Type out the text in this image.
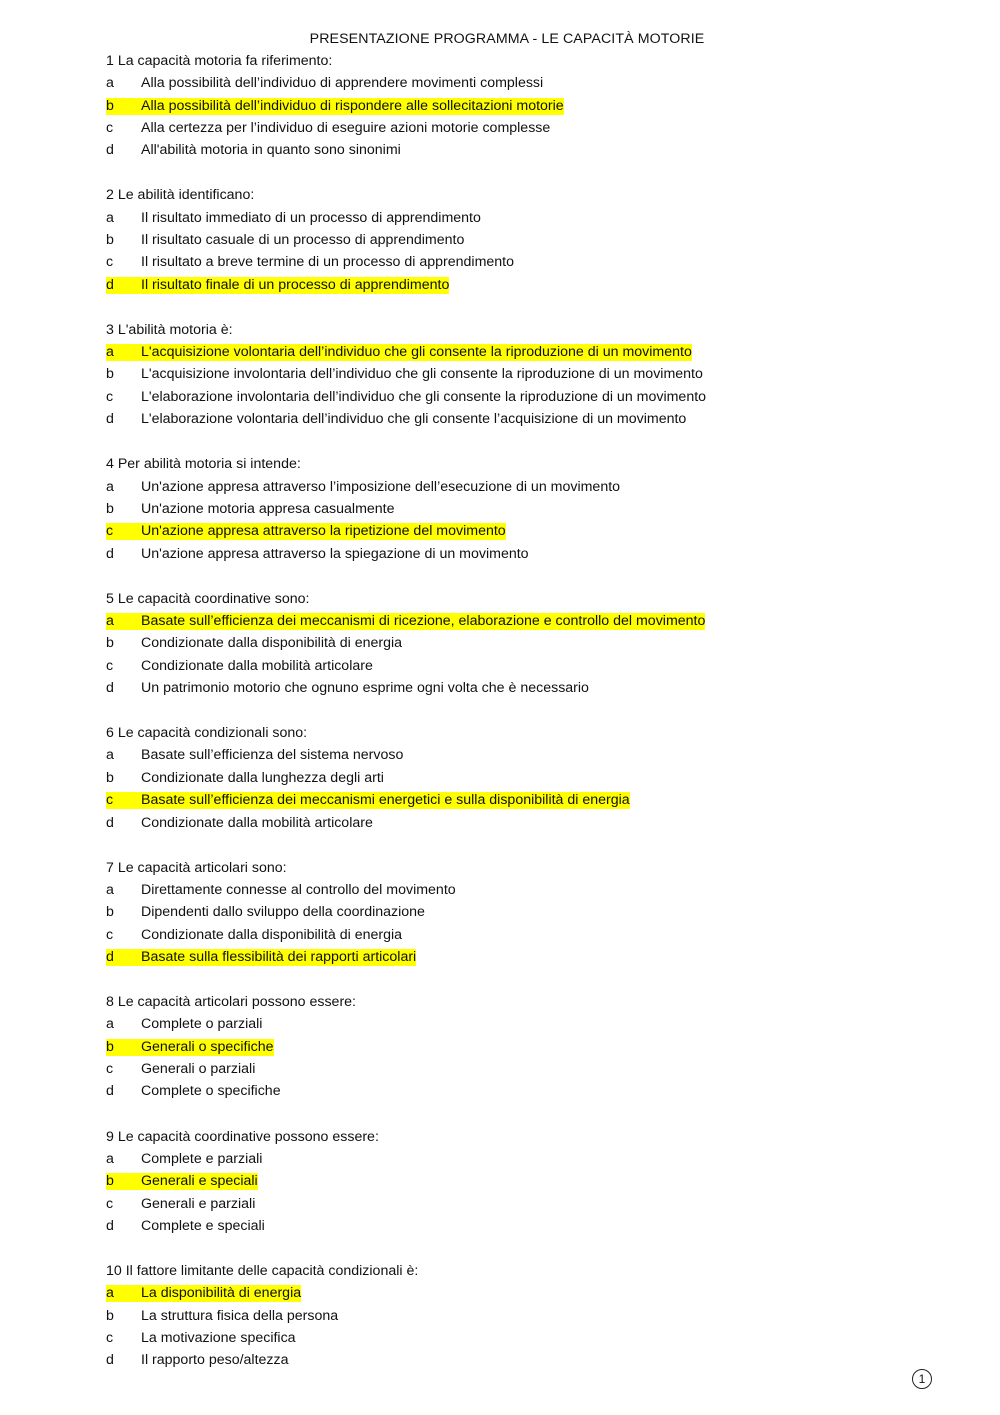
PRESENTAZIONE PROGRAMMA - LE CAPACITÀ MOTORIE
1 La capacità motoria fa riferimento:
a Alla possibilità dell’individuo di apprendere movimenti complessi
b Alla possibilità dell’individuo di rispondere alle sollecitazioni motorie
c Alla certezza per l’individuo di eseguire azioni motorie complesse
d All'abilità motoria in quanto sono sinonimi
2 Le abilità identificano:
a Il risultato immediato di un processo di apprendimento
b Il risultato casuale di un processo di apprendimento
c Il risultato a breve termine di un processo di apprendimento
d Il risultato finale di un processo di apprendimento
3 L'abilità motoria è:
a L'acquisizione volontaria dell’individuo che gli consente la riproduzione di un movimento
b L'acquisizione involontaria dell’individuo che gli consente la riproduzione di un movimento
c L'elaborazione involontaria dell’individuo che gli consente la riproduzione di un movimento
d L'elaborazione volontaria dell’individuo che gli consente l’acquisizione di un movimento
4 Per abilità motoria si intende:
a Un'azione appresa attraverso l’imposizione dell’esecuzione di un movimento
b Un'azione motoria appresa casualmente
c Un'azione appresa attraverso la ripetizione del movimento
d Un'azione appresa attraverso la spiegazione di un movimento
5 Le capacità coordinative sono:
a Basate sull’efficienza dei meccanismi di ricezione, elaborazione e controllo del movimento
b Condizionate dalla disponibilità di energia
c Condizionate dalla mobilità articolare
d Un patrimonio motorio che ognuno esprime ogni volta che è necessario
6 Le capacità condizionali sono:
a Basate sull’efficienza del sistema nervoso
b Condizionate dalla lunghezza degli arti
c Basate sull’efficienza dei meccanismi energetici e sulla disponibilità di energia
d Condizionate dalla mobilità articolare
7 Le capacità articolari sono:
a Direttamente connesse al controllo del movimento
b Dipendenti dallo sviluppo della coordinazione
c Condizionate dalla disponibilità di energia
d Basate sulla flessibilità dei rapporti articolari
8 Le capacità articolari possono essere:
a Complete o parziali
b Generali o specifiche
c Generali o parziali
d Complete o specifiche
9 Le capacità coordinative possono essere:
a Complete e parziali
b Generali e speciali
c Generali e parziali
d Complete e speciali
10 Il fattore limitante delle capacità condizionali è:
a La disponibilità di energia
b La struttura fisica della persona
c La motivazione specifica
d Il rapporto peso/altezza
1
